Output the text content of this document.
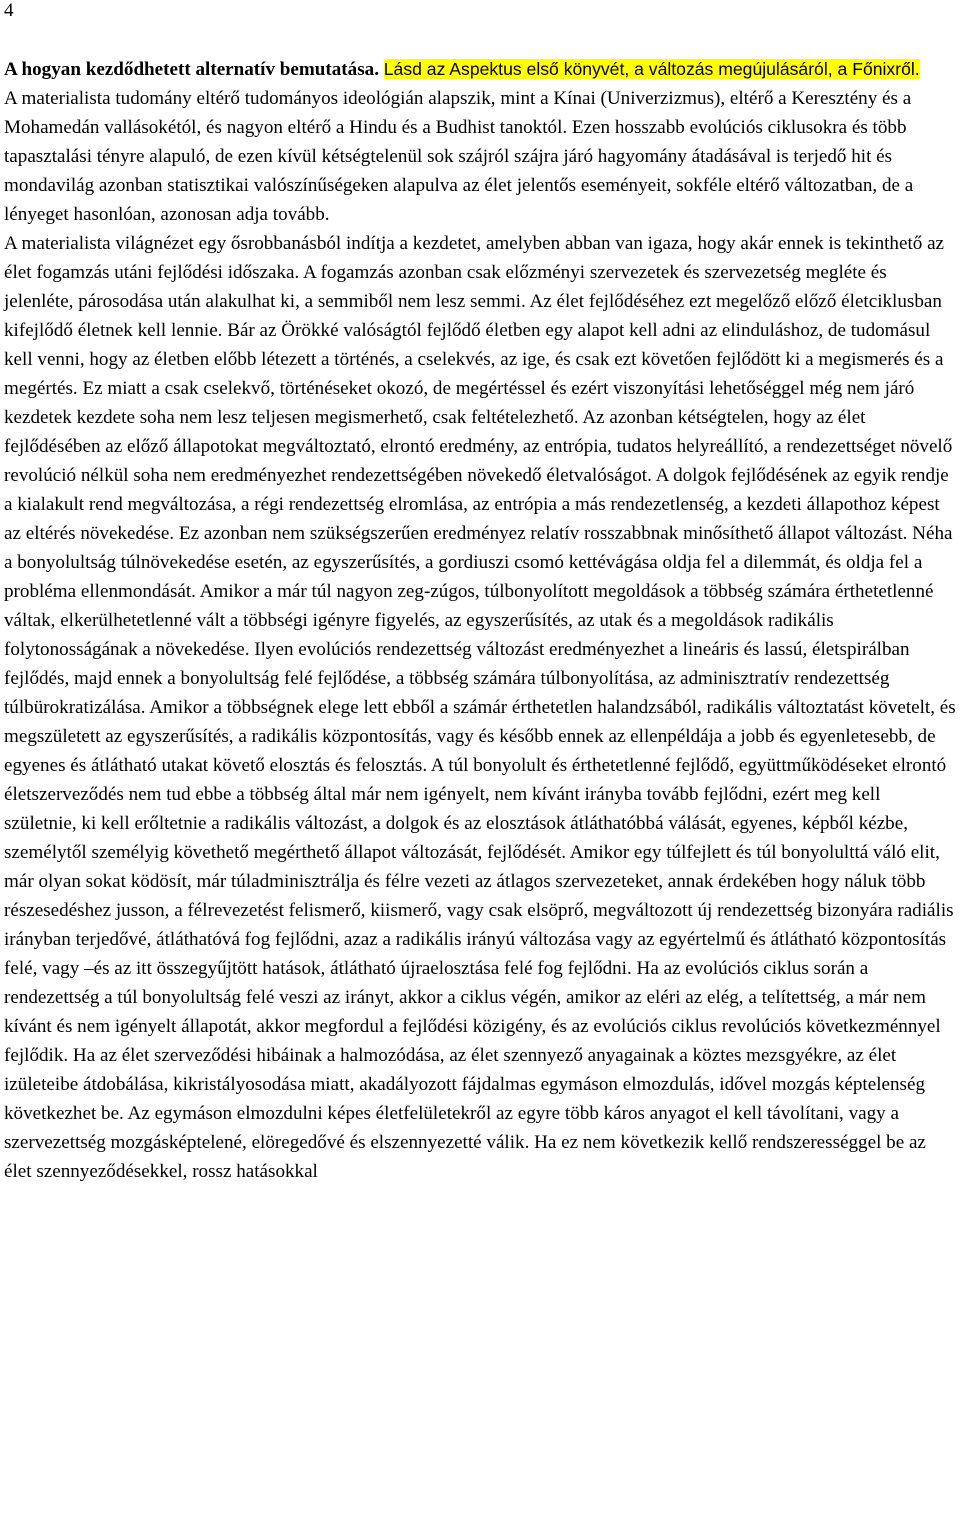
4

A hogyan kezdődhetett alternatív bemutatása. Lásd az Aspektus első könyvét, a változás megújulásáról, a Főnixről.

A materialista tudomány eltérő tudományos ideológián alapszik, mint a Kínai (Univerzizmus), eltérő a Keresztény és a Mohamedán vallásokétól, és nagyon eltérő a Hindu és a Budhist tanoktól. Ezen hosszabb evolúciós ciklusokra és több tapasztalási tényre alapuló, de ezen kívül kétségtelenül sok szájról szájra járó hagyomány átadásával is terjedő hit és mondavilág azonban statisztikai valószínűségeken alapulva az élet jelentős eseményeit, sokféle eltérő változatban, de a lényeget hasonlóan, azonosan adja tovább.

A materialista világnézet egy ősrobbanásból indítja a kezdetet, amelyben abban van igaza, hogy akár ennek is tekinthető az élet fogamzás utáni fejlődési időszaka. A fogamzás azonban csak előzményi szervezetek és szervezetség megléte és jelenléte, párosodása után alakulhat ki, a semmiből nem lesz semmi. Az élet fejlődéséhez ezt megelőző előző életciklusban kifejlődő életnek kell lennie. Bár az Örökké valóságtól fejlődő életben egy alapot kell adni az elinduláshoz, de tudomásul kell venni, hogy az életben előbb létezett a történés, a cselekvés, az ige, és csak ezt követően fejlődött ki a megismerés és a megértés. Ez miatt a csak cselekvő, történéseket okozó, de megértéssel és ezért viszonyítási lehetőséggel még nem járó kezdetek kezdete soha nem lesz teljesen megismerhető, csak feltételezhető. Az azonban kétségtelen, hogy az élet fejlődésében az előző állapotokat megváltoztató, elrontó eredmény, az entrópia, tudatos helyreállító, a rendezettséget növelő revolúció nélkül soha nem eredményezhet rendezettségében növekedő életvalóságot. A dolgok fejlődésének az egyik rendje a kialakult rend megváltozása, a régi rendezettség elromlása, az entrópia a más rendezetlenség, a kezdeti állapothoz képest az eltérés növekedése. Ez azonban nem szükségszerűen eredményez relatív rosszabbnak minősíthető állapot változást. Néha a bonyolultság túlnövekedése esetén, az egyszerűsítés, a gordiuszi csomó kettévágása oldja fel a dilemmát, és oldja fel a probléma ellenmondását. Amikor a már túl nagyon zeg-zúgos, túlbonyolított megoldások a többség számára érthetetlenné váltak, elkerülhetetlenné vált a többségi igényre figyelés, az egyszerűsítés, az utak és a megoldások radikális folytonosságának a növekedése. Ilyen evolúciós rendezettség változást eredményezhet a lineáris és lassú, életspirálban fejlődés, majd ennek a bonyolultság felé fejlődése, a többség számára túlbonyolítása, az adminisztratív rendezettség túlbürokratizálása. Amikor a többségnek elege lett ebből a számár érthetetlen halandzsából, radikális változtatást követelt, és megszületett az egyszerűsítés, a radikális központosítás, vagy és később ennek az ellenpéldája a jobb és egyenletesebb, de egyenes és átlátható utakat követő elosztás és felosztás. A túl bonyolult és érthetetlenné fejlődő, együttműködéseket elrontó életszerveződés nem tud ebbe a többség által már nem igényelt, nem kívánt irányba tovább fejlődni, ezért meg kell születnie, ki kell erőltetnie a radikális változást, a dolgok és az elosztások átláthatóbbá válását, egyenes, képből kézbe, személytől személyig követhető megérthető állapot változását, fejlődését. Amikor egy túlfejlett és túl bonyolulttá váló elit, már olyan sokat ködösít, már túladminisztrálja és félre vezeti az átlagos szervezeteket, annak érdekében hogy náluk több részesedéshez jusson, a félrevezetést felismerő, kiismerő, vagy csak elsöprő, megváltozott új rendezettség bizonyára radiális irányban terjedővé, átláthatóvá fog fejlődni, azaz a radikális irányú változása vagy az egyértelmű és átlátható központosítás felé, vagy –és az itt összegyűjtött hatások, átlátható újraelosztása felé fog fejlődni. Ha az evolúciós ciklus során a rendezettség a túl bonyolultság felé veszi az irányt, akkor a ciklus végén, amikor az eléri az elég, a telítettség, a már nem kívánt és nem igényelt állapotát, akkor megfordul a fejlődési közigény, és az evolúciós ciklus revolúciós következménnyel fejlődik. Ha az élet szerveződési hibáinak a halmozódása, az élet szennyező anyagainak a köztes mezsgyékre, az élet izületeibe átdobálása, kikristályosodása miatt, akadályozott fájdalmas egymáson elmozdulás, idővel mozgás képtelenség következhet be. Az egymáson elmozdulni képes életfelületekről az egyre több káros anyagot el kell távolítani, vagy a szervezettség mozgásképtelené, elöregedővé és elszennyezetté válik. Ha ez nem következik kellő rendszerességgel be az élet szennyeződésekkel, rossz hatásokkal
